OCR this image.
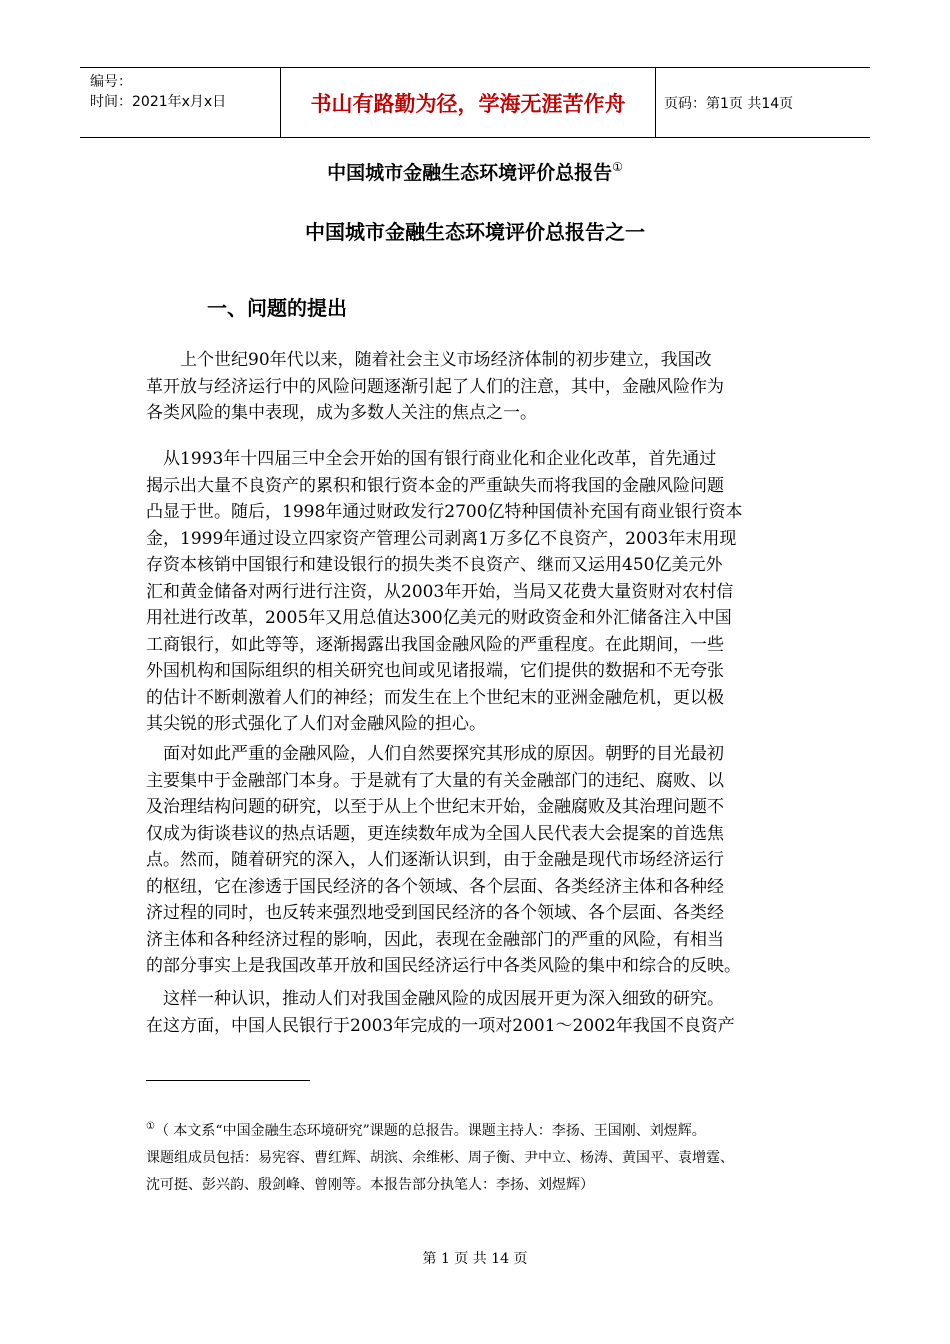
编号：
时间：2021年x月x日	书山有路勤为径，学海无涯苦作舟	页码：第1页 共14页
中国城市金融生态环境评价总报告①
中国城市金融生态环境评价总报告之一
一、问题的提出

　　上个世纪90年代以来，随着社会主义市场经济体制的初步建立，我国改
革开放与经济运行中的风险问题逐渐引起了人们的注意，其中，金融风险作为
各类风险的集中表现，成为多数人关注的焦点之一。

　从1993年十四届三中全会开始的国有银行商业化和企业化改革，首先通过
揭示出大量不良资产的累积和银行资本金的严重缺失而将我国的金融风险问题
凸显于世。随后，1998年通过财政发行2700亿特种国债补充国有商业银行资本
金，1999年通过设立四家资产管理公司剥离1万多亿不良资产，2003年末用现
存资本核销中国银行和建设银行的损失类不良资产、继而又运用450亿美元外
汇和黄金储备对两行进行注资，从2003年开始，当局又花费大量资财对农村信
用社进行改革，2005年又用总值达300亿美元的财政资金和外汇储备注入中国
工商银行，如此等等，逐渐揭露出我国金融风险的严重程度。在此期间，一些
外国机构和国际组织的相关研究也间或见诸报端，它们提供的数据和不无夸张
的估计不断刺激着人们的神经；而发生在上个世纪末的亚洲金融危机，更以极
其尖锐的形式强化了人们对金融风险的担心。

　面对如此严重的金融风险，人们自然要探究其形成的原因。朝野的目光最初
主要集中于金融部门本身。于是就有了大量的有关金融部门的违纪、腐败、以
及治理结构问题的研究，以至于从上个世纪末开始，金融腐败及其治理问题不
仅成为街谈巷议的热点话题，更连续数年成为全国人民代表大会提案的首选焦
点。然而，随着研究的深入，人们逐渐认识到，由于金融是现代市场经济运行
的枢纽，它在渗透于国民经济的各个领域、各个层面、各类经济主体和各种经
济过程的同时，也反转来强烈地受到国民经济的各个领域、各个层面、各类经
济主体和各种经济过程的影响，因此，表现在金融部门的严重的风险，有相当
的部分事实上是我国改革开放和国民经济运行中各类风险的集中和综合的反映。

　这样一种认识，推动人们对我国金融风险的成因展开更为深入细致的研究。
在这方面，中国人民银行于2003年完成的一项对2001～2002年我国不良资产

①（ 本文系“中国金融生态环境研究”课题的总报告。课题主持人：李扬、王国刚、刘煜辉。
课题组成员包括：易宪容、曹红辉、胡滨、余维彬、周子衡、尹中立、杨涛、黄国平、袁增霆、
沈可挺、彭兴韵、殷剑峰、曾刚等。本报告部分执笔人：李扬、刘煜辉）
第 1 页 共 14 页
